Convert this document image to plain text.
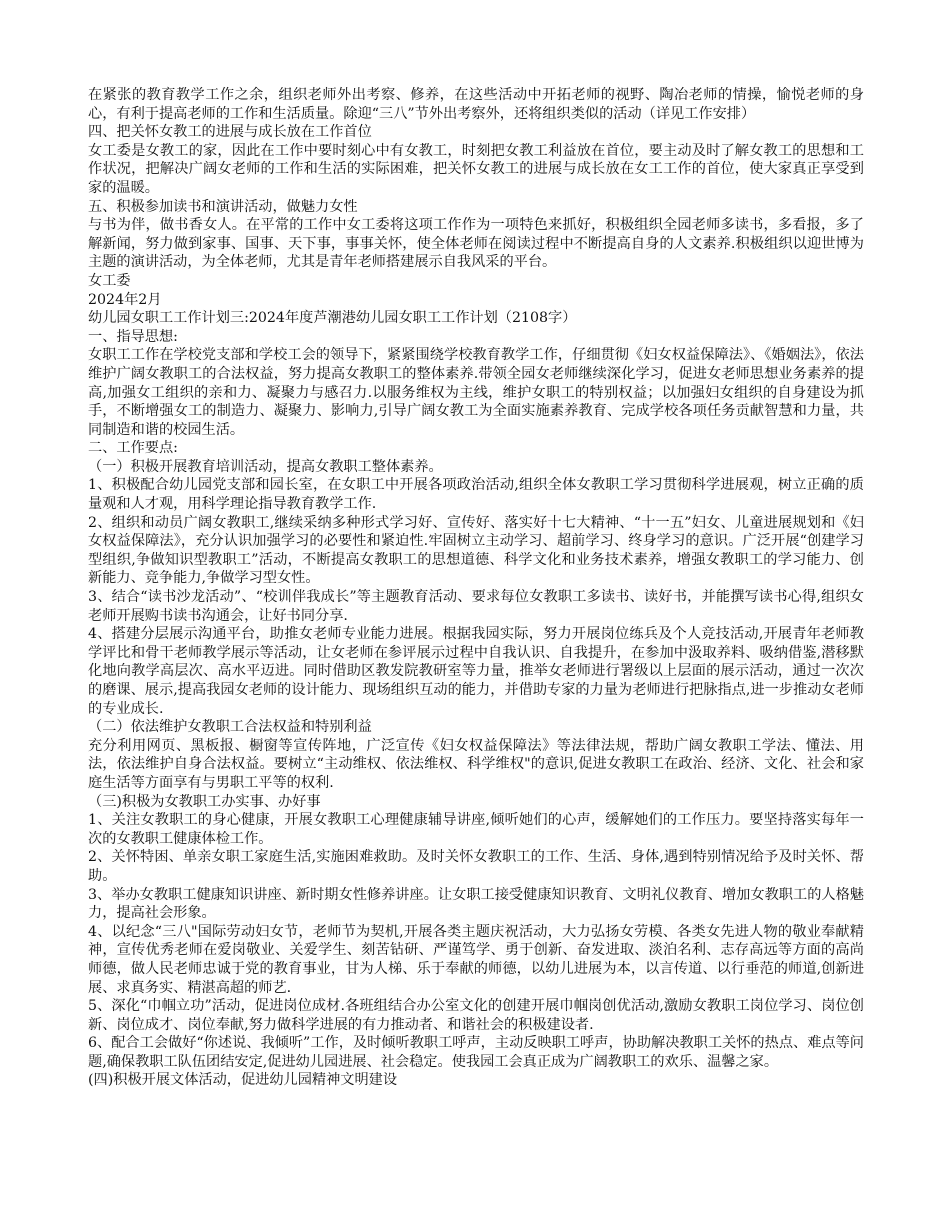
在紧张的教育教学工作之余，组织老师外出考察、修养，在这些活动中开拓老师的视野、陶冶老师的情操，愉悦老师的身心，有利于提高老师的工作和生活质量。除迎“三八”节外出考察外，还将组织类似的活动（详见工作安排）

四、把关怀女教工的进展与成长放在工作首位

女工委是女教工的家，因此在工作中要时刻心中有女教工，时刻把女教工利益放在首位，要主动及时了解女教工的思想和工作状况，把解决广阔女老师的工作和生活的实际困难，把关怀女教工的进展与成长放在女工工作的首位，使大家真正享受到家的温暖。

五、积极参加读书和演讲活动，做魅力女性

与书为伴，做书香女人。在平常的工作中女工委将这项工作作为一项特色来抓好，积极组织全园老师多读书，多看报，多了解新闻，努力做到家事、国事、天下事，事事关怀，使全体老师在阅读过程中不断提高自身的人文素养.积极组织以迎世博为主题的演讲活动，为全体老师，尤其是青年老师搭建展示自我风采的平台。

女工委

2024年2月

幼儿园女职工工作计划三:2024年度芦潮港幼儿园女职工工作计划（2108字）

一、指导思想:

女职工工作在学校党支部和学校工会的领导下，紧紧围绕学校教育教学工作，仔细贯彻《妇女权益保障法》、《婚姻法》，依法维护广阔女教职工的合法权益，努力提高女教职工的整体素养.带领全园女老师继续深化学习，促进女老师思想业务素养的提高,加强女工组织的亲和力、凝聚力与感召力.以服务维权为主线，维护女职工的特别权益；以加强妇女组织的自身建设为抓手，不断增强女工的制造力、凝聚力、影响力,引导广阔女教工为全面实施素养教育、完成学校各项任务贡献智慧和力量，共同制造和谐的校园生活。

二、工作要点:

（一）积极开展教育培训活动，提高女教职工整体素养。

1、积极配合幼儿园党支部和园长室，在女职工中开展各项政治活动,组织全体女教职工学习贯彻科学进展观，树立正确的质量观和人才观，用科学理论指导教育教学工作.

2、组织和动员广阔女教职工,继续采纳多种形式学习好、宣传好、落实好十七大精神、“十一五”妇女、儿童进展规划和《妇女权益保障法》，充分认识加强学习的必要性和紧迫性.牢固树立主动学习、超前学习、终身学习的意识。广泛开展“创建学习型组织,争做知识型教职工”活动，不断提高女教职工的思想道德、科学文化和业务技术素养，增强女教职工的学习能力、创新能力、竞争能力,争做学习型女性。

3、结合“读书沙龙活动”、“校训伴我成长”等主题教育活动、要求每位女教职工多读书、读好书，并能撰写读书心得,组织女老师开展购书读书沟通会，让好书同分享.

4、搭建分层展示沟通平台，助推女老师专业能力进展。根据我园实际，努力开展岗位练兵及个人竞技活动,开展青年老师教学评比和骨干老师教学展示等活动，让女老师在参评展示过程中自我认识、自我提升，在参加中汲取养料、吸纳借鉴,潜移默化地向教学高层次、高水平迈进。同时借助区教发院教研室等力量，推举女老师进行署级以上层面的展示活动，通过一次次的磨课、展示,提高我园女老师的设计能力、现场组织互动的能力，并借助专家的力量为老师进行把脉指点,进一步推动女老师的专业成长.

（二）依法维护女教职工合法权益和特别利益

充分利用网页、黑板报、橱窗等宣传阵地，广泛宣传《妇女权益保障法》等法律法规，帮助广阔女教职工学法、懂法、用法，依法维护自身合法权益。要树立“主动维权、依法维权、科学维权"的意识,促进女教职工在政治、经济、文化、社会和家庭生活等方面享有与男职工平等的权利.

（三)积极为女教职工办实事、办好事

1、关注女教职工的身心健康，开展女教职工心理健康辅导讲座,倾听她们的心声，缓解她们的工作压力。要坚持落实每年一次的女教职工健康体检工作。

2、关怀特困、单亲女职工家庭生活,实施困难救助。及时关怀女教职工的工作、生活、身体,遇到特别情况给予及时关怀、帮助。

3、举办女教职工健康知识讲座、新时期女性修养讲座。让女职工接受健康知识教育、文明礼仪教育、增加女教职工的人格魅力，提高社会形象。

4、以纪念“三八"国际劳动妇女节，老师节为契机,开展各类主题庆祝活动，大力弘扬女劳模、各类女先进人物的敬业奉献精神，宣传优秀老师在爱岗敬业、关爱学生、刻苦钻研、严谨笃学、勇于创新、奋发进取、淡泊名利、志存高远等方面的高尚师德，做人民老师忠诚于党的教育事业，甘为人梯、乐于奉献的师德，以幼儿进展为本，以言传道、以行垂范的师道,创新进展、求真务实、精湛高超的师艺.

5、深化“巾帼立功”活动，促进岗位成材.各班组结合办公室文化的创建开展巾帼岗创优活动,激励女教职工岗位学习、岗位创新、岗位成才、岗位奉献,努力做科学进展的有力推动者、和谐社会的积极建设者.

6、配合工会做好“你述说、我倾听”工作，及时倾听教职工呼声，主动反映职工呼声，协助解决教职工关怀的热点、难点等问题,确保教职工队伍团结安定,促进幼儿园进展、社会稳定。使我园工会真正成为广阔教职工的欢乐、温馨之家。

(四)积极开展文体活动，促进幼儿园精神文明建设
